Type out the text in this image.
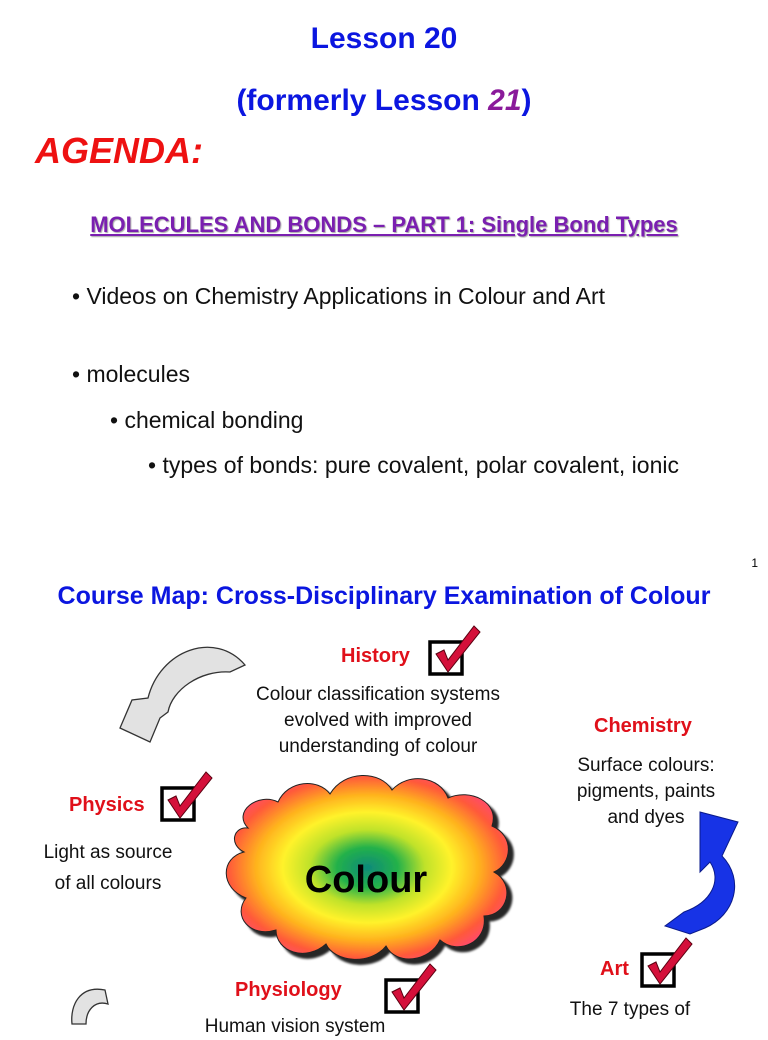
Lesson 20
(formerly Lesson 21)
AGENDA:
MOLECULES AND BONDS – PART 1: Single Bond Types
• Videos on Chemistry Applications in Colour and Art
• molecules
• chemical bonding
• types of bonds: pure covalent, polar covalent, ionic
1
Course Map: Cross-Disciplinary Examination of Colour
Colour
History
Colour classification systems
evolved with improved
understanding of colour
Chemistry
Surface colours:
pigments, paints
and dyes
Physics
Light as source
of all colours
Physiology
Human vision system
Art
The 7 types of
